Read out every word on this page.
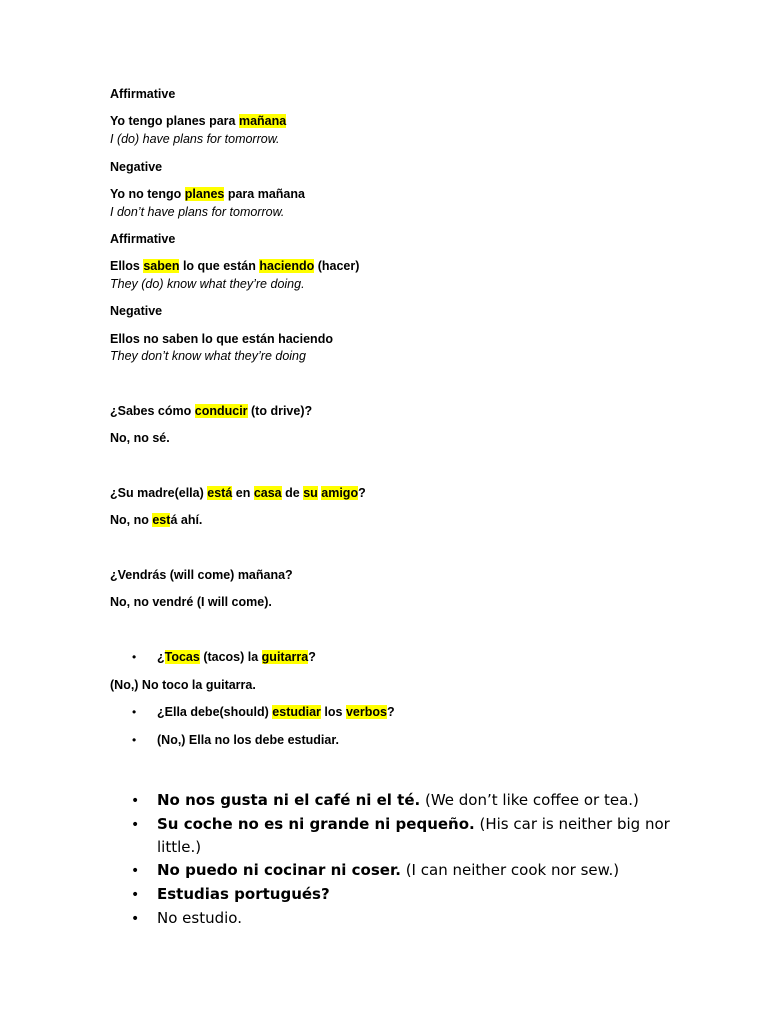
Affirmative
Yo tengo planes para mañana
I (do) have plans for tomorrow.
Negative
Yo no tengo planes para mañana
I don’t have plans for tomorrow.
Affirmative
Ellos saben lo que están haciendo (hacer)
They (do) know what they’re doing.
Negative
Ellos no saben lo que están haciendo
They don’t know what they’re doing
¿Sabes cómo conducir (to drive)?
No, no sé.
¿Su madre(ella) está en casa de su amigo?
No, no está ahí.
¿Vendrás (will come) mañana?
No, no vendré (I will come).
• ¿Tocas (tacos) la guitarra?
(No,) No toco la guitarra.
• ¿Ella debe(should) estudiar los verbos?
• (No,) Ella no los debe estudiar.
• No nos gusta ni el café ni el té. (We don’t like coffee or tea.)
• Su coche no es ni grande ni pequeño. (His car is neither big nor little.)
• No puedo ni cocinar ni coser. (I can neither cook nor sew.)
• Estudias portugués?
• No estudio.
